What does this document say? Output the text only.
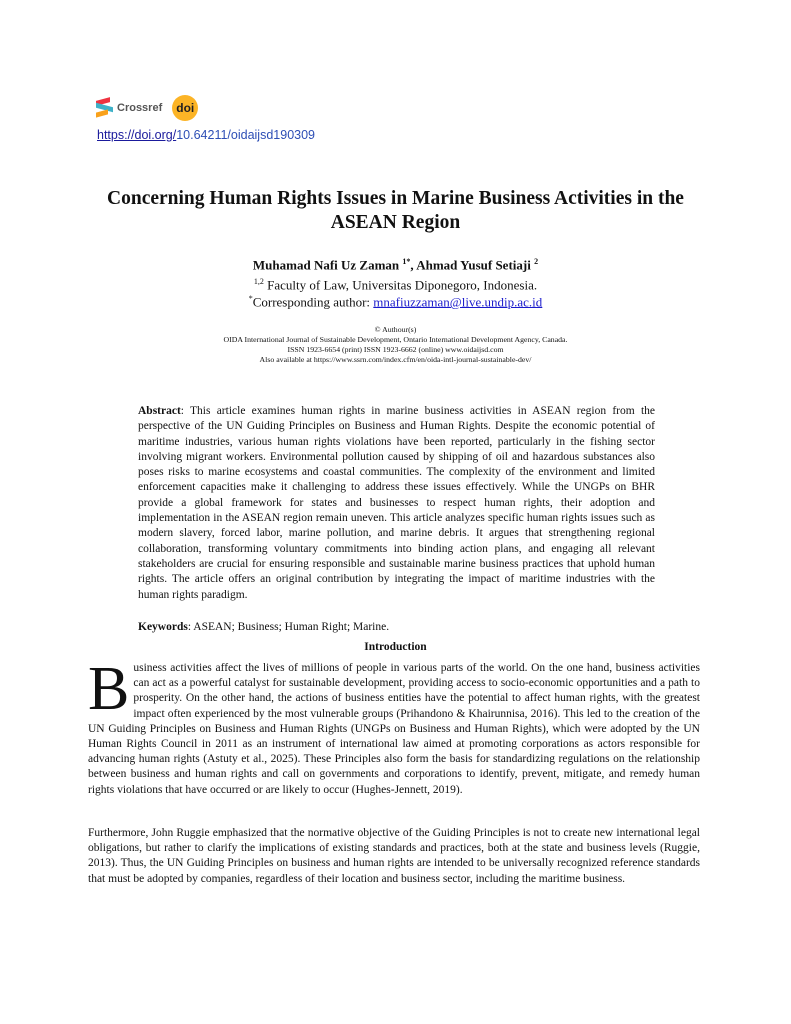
Crossref	doi
https://doi.org/10.64211/oidaijsd190309
Concerning Human Rights Issues in Marine Business Activities in the ASEAN Region
Muhamad Nafi Uz Zaman $^{1*}$, Ahmad Yusuf Setiaji $^2$
$^{1,2}$ Faculty of Law, Universitas Diponegoro, Indonesia.
*Corresponding author: mnafiuzzaman@live.undip.ac.id
© Authour(s)
OIDA International Journal of Sustainable Development, Ontario International Development Agency, Canada.
ISSN 1923-6654 (print) ISSN 1923-6662 (online) www.oidaijsd.com
Also available at https://www.ssrn.com/index.cfm/en/oida-intl-journal-sustainable-dev/
Abstract: This article examines human rights in marine business activities in ASEAN region from the perspective of the UN Guiding Principles on Business and Human Rights. Despite the economic potential of maritime industries, various human rights violations have been reported, particularly in the fishing sector involving migrant workers. Environmental pollution caused by shipping of oil and hazardous substances also poses risks to marine ecosystems and coastal communities. The complexity of the environment and limited enforcement capacities make it challenging to address these issues effectively. While the UNGPs on BHR provide a global framework for states and businesses to respect human rights, their adoption and implementation in the ASEAN region remain uneven. This article analyzes specific human rights issues such as modern slavery, forced labor, marine pollution, and marine debris. It argues that strengthening regional collaboration, transforming voluntary commitments into binding action plans, and engaging all relevant stakeholders are crucial for ensuring responsible and sustainable marine business practices that uphold human rights. The article offers an original contribution by integrating the impact of maritime industries with the human rights paradigm.
Keywords: ASEAN; Business; Human Right; Marine.
Introduction
Business activities affect the lives of millions of people in various parts of the world. On the one hand, business activities can act as a powerful catalyst for sustainable development, providing access to socio-economic opportunities and a path to prosperity. On the other hand, the actions of business entities have the potential to affect human rights, with the greatest impact often experienced by the most vulnerable groups (Prihandono & Khairunnisa, 2016). This led to the creation of the UN Guiding Principles on Business and Human Rights (UNGPs on Business and Human Rights), which were adopted by the UN Human Rights Council in 2011 as an instrument of international law aimed at promoting corporations as actors responsible for advancing human rights (Astuty et al., 2025). These Principles also form the basis for standardizing regulations on the relationship between business and human rights and call on governments and corporations to identify, prevent, mitigate, and remedy human rights violations that have occurred or are likely to occur (Hughes-Jennett, 2019).
Furthermore, John Ruggie emphasized that the normative objective of the Guiding Principles is not to create new international legal obligations, but rather to clarify the implications of existing standards and practices, both at the state and business levels (Ruggie, 2013). Thus, the UN Guiding Principles on business and human rights are intended to be universally recognized reference standards that must be adopted by companies, regardless of their location and business sector, including the maritime business.
